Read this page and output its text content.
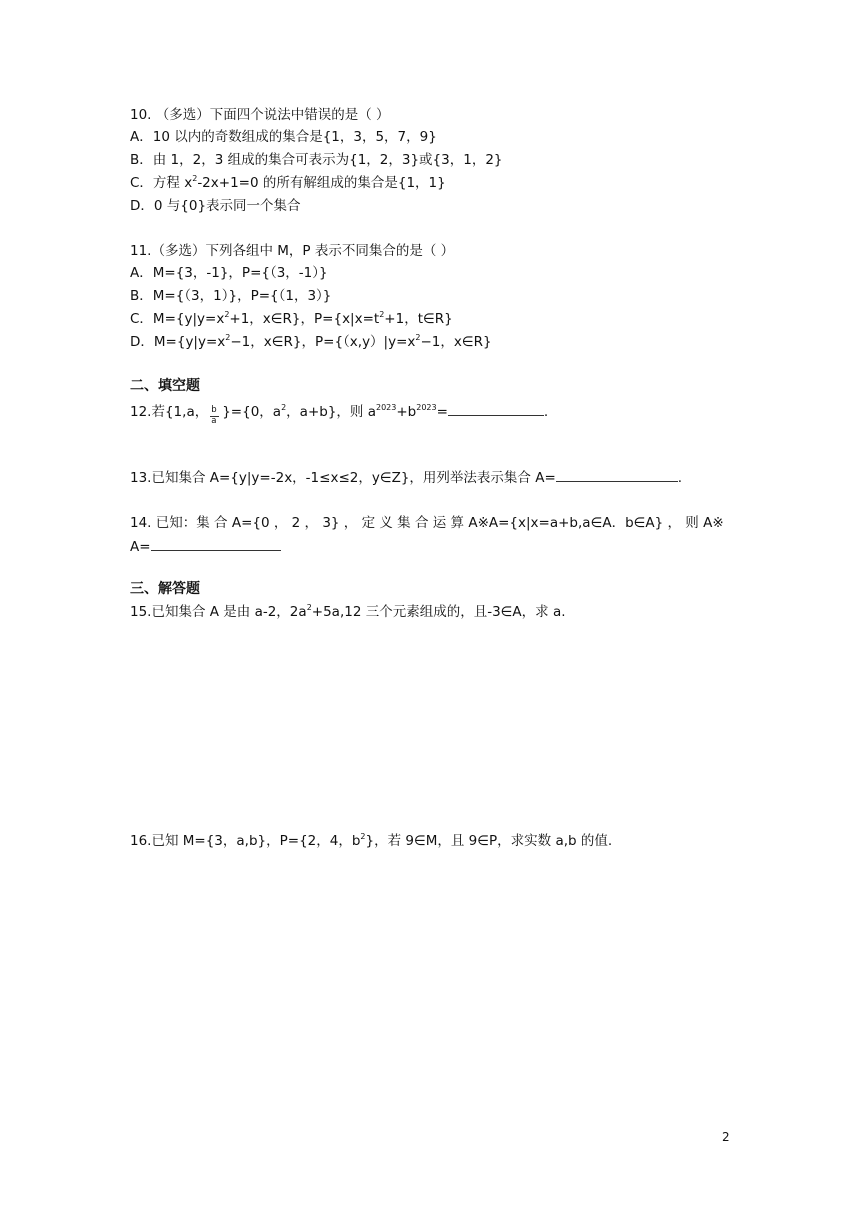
10. （多选）下面四个说法中错误的是（ ）
A．10 以内的奇数组成的集合是{1，3，5，7，9}
B．由 1，2，3 组成的集合可表示为{1，2，3}或{3，1，2}
C．方程 $x^2-2x+1=0$ 的所有解组成的集合是{1，1}
D．0 与{0}表示同一个集合
11.（多选）下列各组中 M，P 表示不同集合的是（ ）
A．M={3，-1}，P={（3，-1）}
B．M={（3，1）}，P={（1，3）}
C．$M=\{y|y=x^2+1$，x∈R}，$P=\{x|x=t^2+1$，t∈R}
D．$M=\{y|y=x^2-1$，x∈R}，$P=\{(x,y)|y=x^2-1$，x∈R}
二、填空题
12.若{1,a， $\frac{b}{a} \}=\{0$，$a^2$，a+b}，则 $a^{2023}+b^{2023}=$	.
13.已知集合 A={y|y=-2x，-1≤x≤2，y∈Z}，用列举法表示集合 A=	.
14. 已知：集 合 A={0 ， 2 ， 3} ， 定 义 集 合 运 算 A※A={x|x=a+b,a∈A．b∈A} ， 则 A※
A=
三、解答题
15.已知集合 A 是由 a-2，$2a^2+5a,12$ 三个元素组成的，且-3∈A，求 a.
16.已知 M={3，a,b}，P={2，4，$b^2$}，若 9∈M，且 9∈P，求实数 a,b 的值.
2
